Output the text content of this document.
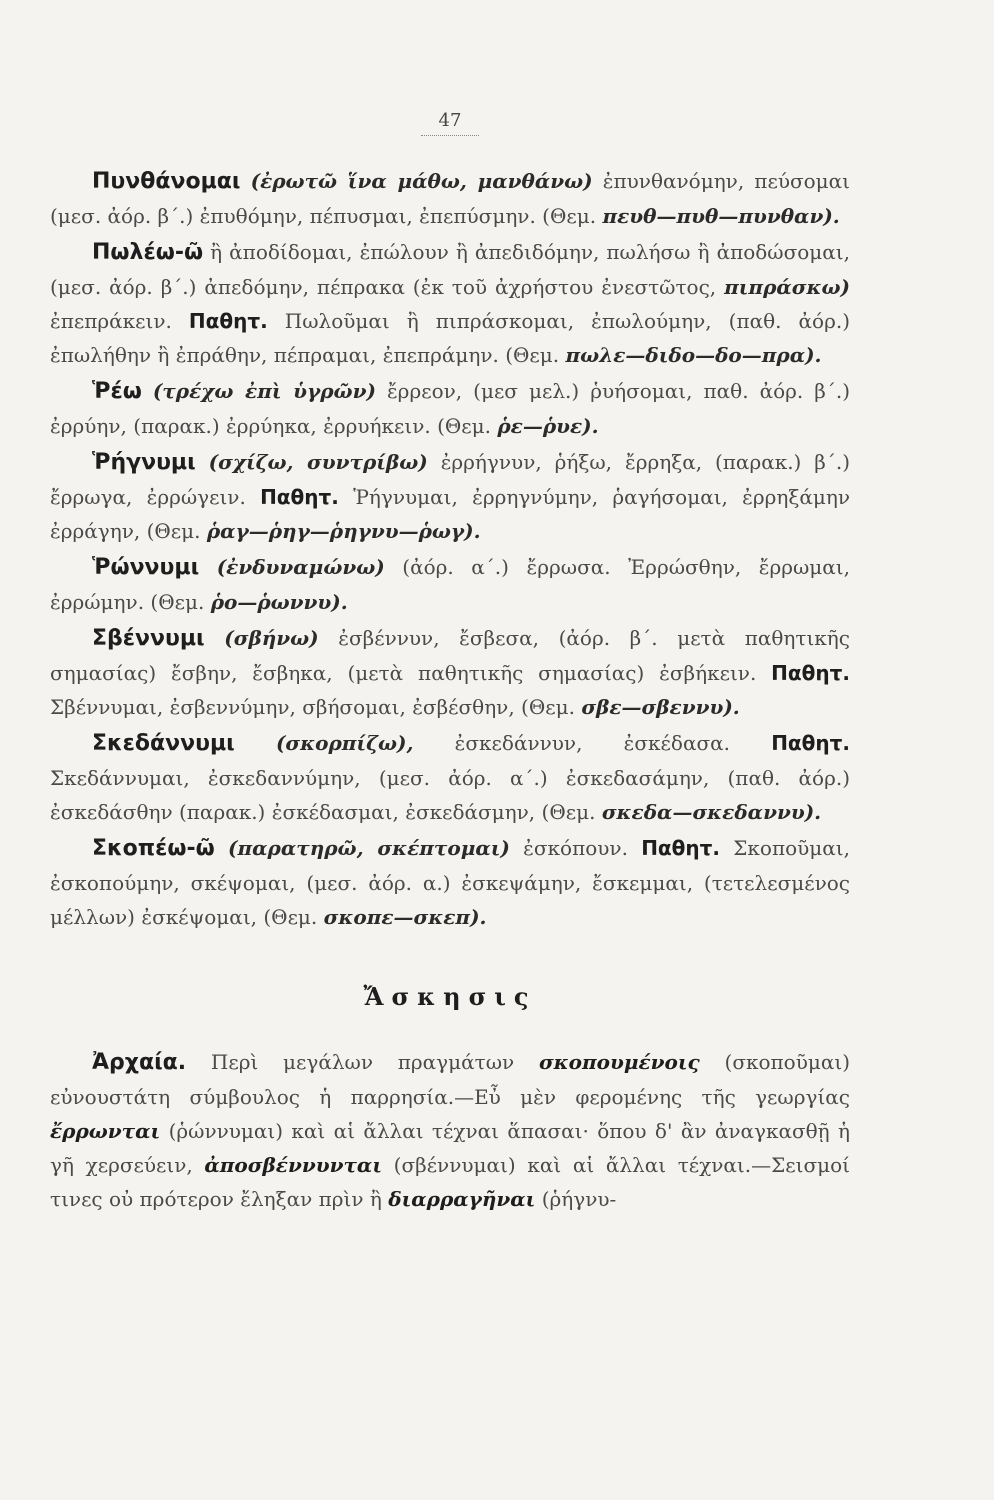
47

Πυνθάνομαι (ἐρωτῶ ἵνα μάθω, μανθάνω) ἐπυνθανόμην, πεύσομαι (μεσ. ἀόρ. β΄.) ἐπυθόμην, πέπυσμαι, ἐπεπύσμην. (Θεμ. πευθ—πυθ—πυνθαν).

Πωλέω-ῶ ἢ ἀποδίδομαι, ἐπώλουν ἢ ἀπεδιδόμην, πωλήσω ἢ ἀποδώσομαι, (μεσ. ἀόρ. β΄.) ἀπεδόμην, πέπρακα (ἐκ τοῦ ἀχρήστου ἐνεστῶτος, πιπράσκω) ἐπεπράκειν. Παθητ. Πωλοῦμαι ἢ πιπράσκομαι, ἐπωλούμην, (παθ. ἀόρ.) ἐπωλήθην ἢ ἐπράθην, πέπραμαι, ἐπεπράμην. (Θεμ. πωλε—διδο—δο—πρα).

Ῥέω (τρέχω ἐπὶ ὑγρῶν) ἔρρεον, (μεσ μελ.) ῥυήσομαι, παθ. ἀόρ. β΄.) ἐρρύην, (παρακ.) ἐρρύηκα, ἐρρυήκειν. (Θεμ. ῥε—ῥυε).

Ῥήγνυμι (σχίζω, συντρίβω) ἐρρήγνυν, ῥήξω, ἔρρηξα, (παρακ.) β΄.) ἔρρωγα, ἐρρώγειν. Παθητ. Ῥήγνυμαι, ἐρρηγνύμην, ῥαγήσομαι, ἐρρηξάμην ἐρράγην, (Θεμ. ῥαγ—ῥηγ—ῥηγνυ—ῥωγ).

Ῥώννυμι (ἐνδυναμώνω) (ἀόρ. α΄.) ἔρρωσα. Ἐρρώσθην, ἔρρωμαι, ἐρρώμην. (Θεμ. ῥο—ῥωννυ).

Σβέννυμι (σβήνω) ἐσβέννυν, ἔσβεσα, (ἀόρ. β΄. μετὰ παθητικῆς σημασίας) ἔσβην, ἔσβηκα, (μετὰ παθητικῆς σημασίας) ἐσβήκειν. Παθητ. Σβέννυμαι, ἐσβεννύμην, σβήσομαι, ἐσβέσθην, (Θεμ. σβε—σβεννυ).

Σκεδάννυμι (σκορπίζω), ἐσκεδάννυν, ἐσκέδασα. Παθητ. Σκεδάννυμαι, ἐσκεδαννύμην, (μεσ. ἀόρ. α΄.) ἐσκεδασάμην, (παθ. ἀόρ.) ἐσκεδάσθην (παρακ.) ἐσκέδασμαι, ἐσκεδάσμην, (Θεμ. σκεδα—σκεδαννυ).

Σκοπέω-ῶ (παρατηρῶ, σκέπτομαι) ἐσκόπουν. Παθητ. Σκοποῦμαι, ἐσκοπούμην, σκέψομαι, (μεσ. ἀόρ. α.) ἐσκεψάμην, ἔσκεμμαι, (τετελεσμένος μέλλων) ἐσκέψομαι, (Θεμ. σκοπε—σκεπ).

Ἄσκησις

Ἀρχαία. Περὶ μεγάλων πραγμάτων σκοπουμένοις (σκοποῦμαι) εὐνουστάτη σύμβουλος ἡ παρρησία.—Εὖ μὲν φερομένης τῆς γεωργίας ἔρρωνται (ῥώννυμαι) καὶ αἱ ἄλλαι τέχναι ἅπασαι· ὅπου δ' ἂν ἀναγκασθῇ ἡ γῆ χερσεύειν, ἀποσβέννυνται (σβέννυμαι) καὶ αἱ ἄλλαι τέχναι.—Σεισμοί τινες οὐ πρότερον ἔληξαν πρὶν ἢ διαρραγῆναι (ῥήγνυ-
